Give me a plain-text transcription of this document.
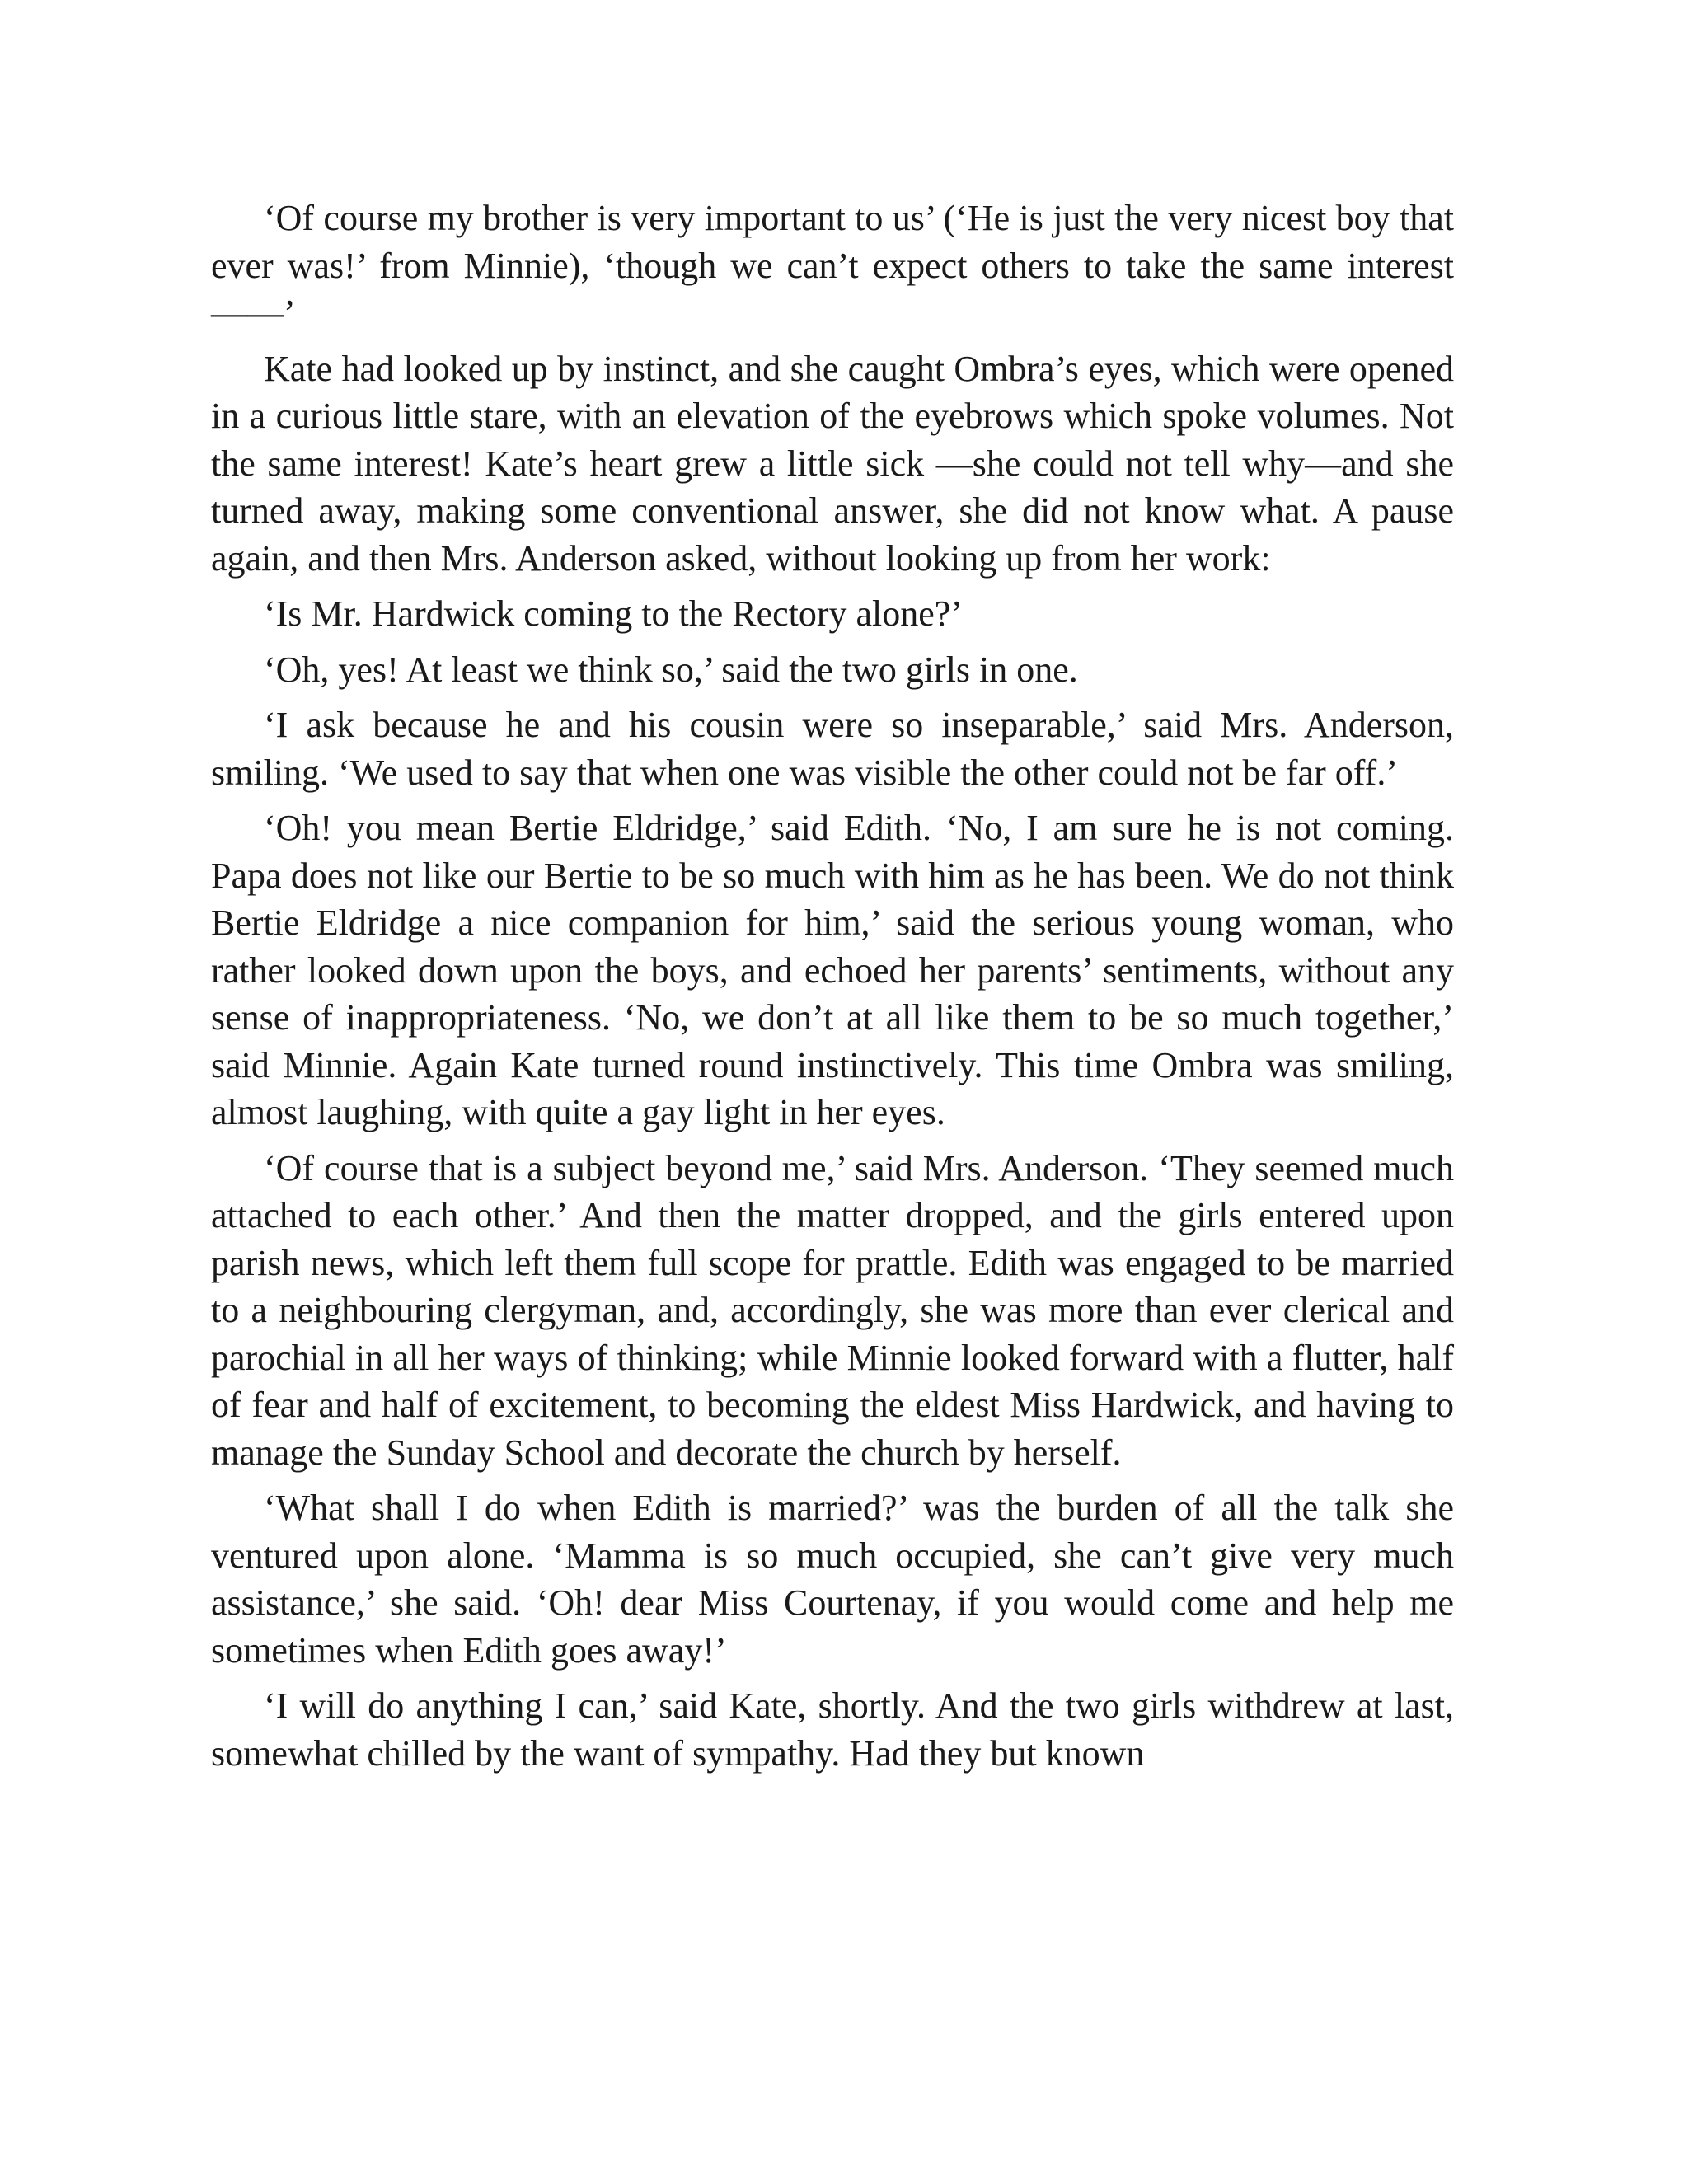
‘Of course my brother is very important to us’ (‘He is just the very nicest boy that ever was!’ from Minnie), ‘though we can’t expect others to take the same interest——’

Kate had looked up by instinct, and she caught Ombra’s eyes, which were opened in a curious little stare, with an elevation of the eyebrows which spoke volumes. Not the same interest! Kate’s heart grew a little sick —she could not tell why—and she turned away, making some conventional answer, she did not know what. A pause again, and then Mrs. Anderson asked, without looking up from her work:

‘Is Mr. Hardwick coming to the Rectory alone?’

‘Oh, yes! At least we think so,’ said the two girls in one.

‘I ask because he and his cousin were so inseparable,’ said Mrs. Anderson, smiling. ‘We used to say that when one was visible the other could not be far off.’

‘Oh! you mean Bertie Eldridge,’ said Edith. ‘No, I am sure he is not coming. Papa does not like our Bertie to be so much with him as he has been. We do not think Bertie Eldridge a nice companion for him,’ said the serious young woman, who rather looked down upon the boys, and echoed her parents’ sentiments, without any sense of inappropriateness. ‘No, we don’t at all like them to be so much together,’ said Minnie. Again Kate turned round instinctively. This time Ombra was smiling, almost laughing, with quite a gay light in her eyes.

‘Of course that is a subject beyond me,’ said Mrs. Anderson. ‘They seemed much attached to each other.’ And then the matter dropped, and the girls entered upon parish news, which left them full scope for prattle. Edith was engaged to be married to a neighbouring clergyman, and, accordingly, she was more than ever clerical and parochial in all her ways of thinking; while Minnie looked forward with a flutter, half of fear and half of excitement, to becoming the eldest Miss Hardwick, and having to manage the Sunday School and decorate the church by herself.

‘What shall I do when Edith is married?’ was the burden of all the talk she ventured upon alone. ‘Mamma is so much occupied, she can’t give very much assistance,’ she said. ‘Oh! dear Miss Courtenay, if you would come and help me sometimes when Edith goes away!’

‘I will do anything I can,’ said Kate, shortly. And the two girls withdrew at last, somewhat chilled by the want of sympathy. Had they but known
